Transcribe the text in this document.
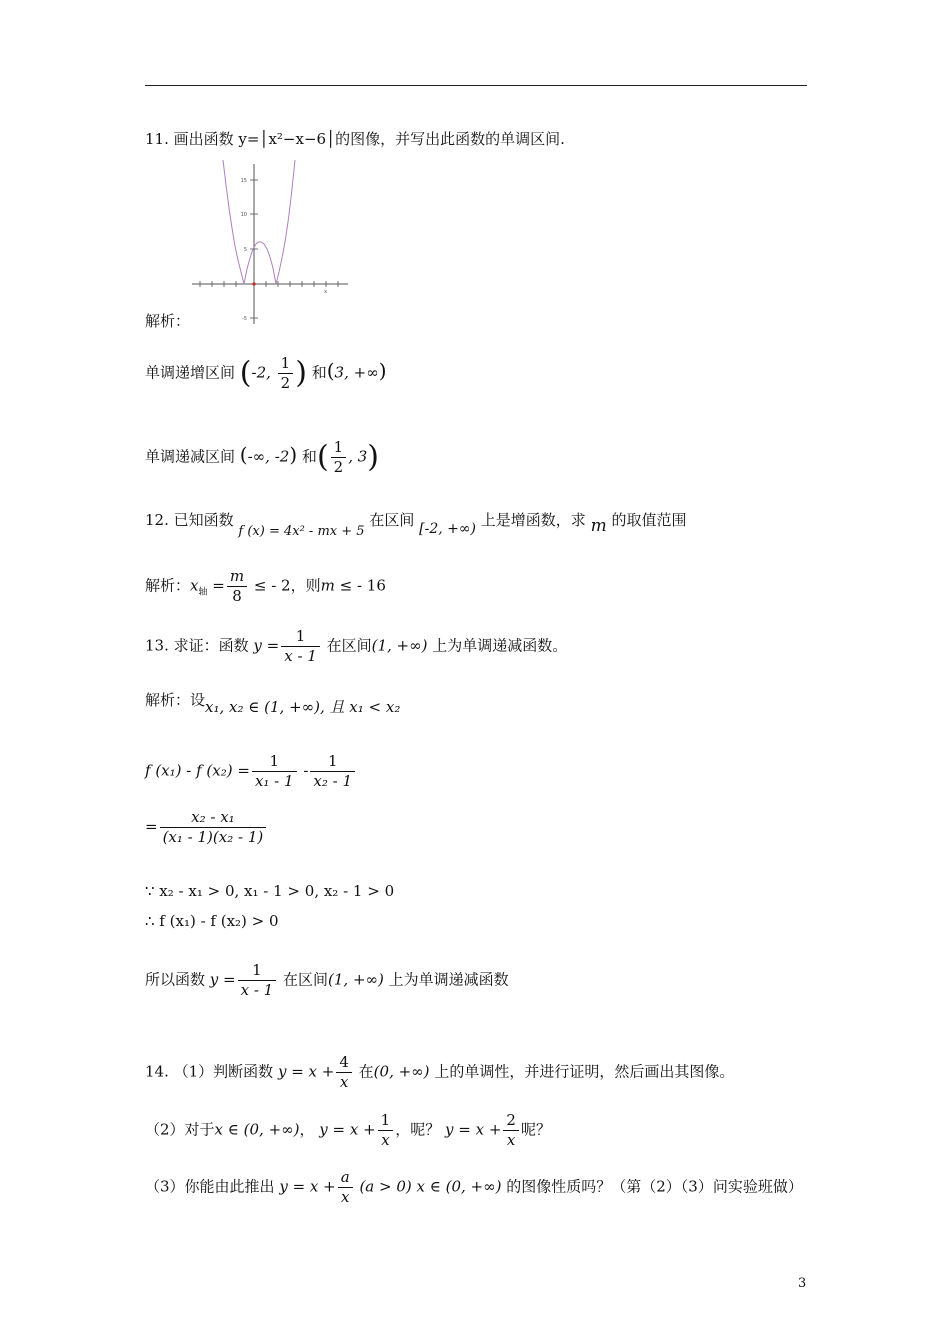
11. 画出函数 y=│x²−x−6│的图像，并写出此函数的单调区间.
15
10
5
-5
x
解析：
单调递增区间 (-2, $\frac{1}{2}$ ) 和(3, +∞)
单调递减区间 (-∞, -2) 和( $\frac{1}{2}$ , 3)
12. 已知函数 f (x) = 4x² - mx + 5 在区间 [-2, +∞) 上是增函数，求 m 的取值范围
解析：$x_轴 = \frac{m}{8}$ ≤ - 2，则m ≤ - 16
13. 求证：函数 $y = \frac{1}{x - 1}$ 在区间(1, +∞) 上为单调递减函数。
解析：设x₁, x₂ ∈ (1, +∞), 且 x₁ < x₂
f (x₁) - f $(x_2) = \frac{1}{\text{x₁ - 1}} - \frac{1}{\text{x₂ - 1}}$
= $\frac{\text{x₂ - x₁}}{\text{(x₁ - 1)(x₂ - 1)}}$
∵ x₂ - x₁ > 0, x₁ - 1 > 0, x₂ - 1 > 0
∴ f (x₁) - f (x₂) > 0
所以函数 $y = \frac{1}{x - 1}$ 在区间(1, +∞) 上为单调递减函数
14. （1）判断函数 $y = x + \frac{4}{x}$ 在(0, +∞) 上的单调性，并进行证明，然后画出其图像。
（2）对于x ∈ (0, +∞)， $y = x + \frac{1}{x}$ ，呢？ $y = x + \frac{2}{x}$ 呢？
（3）你能由此推出 $y = x + \frac{a}{x} (a > 0)$ x ∈ (0, +∞) 的图像性质吗？（第（2）（3）问实验班做）
3
